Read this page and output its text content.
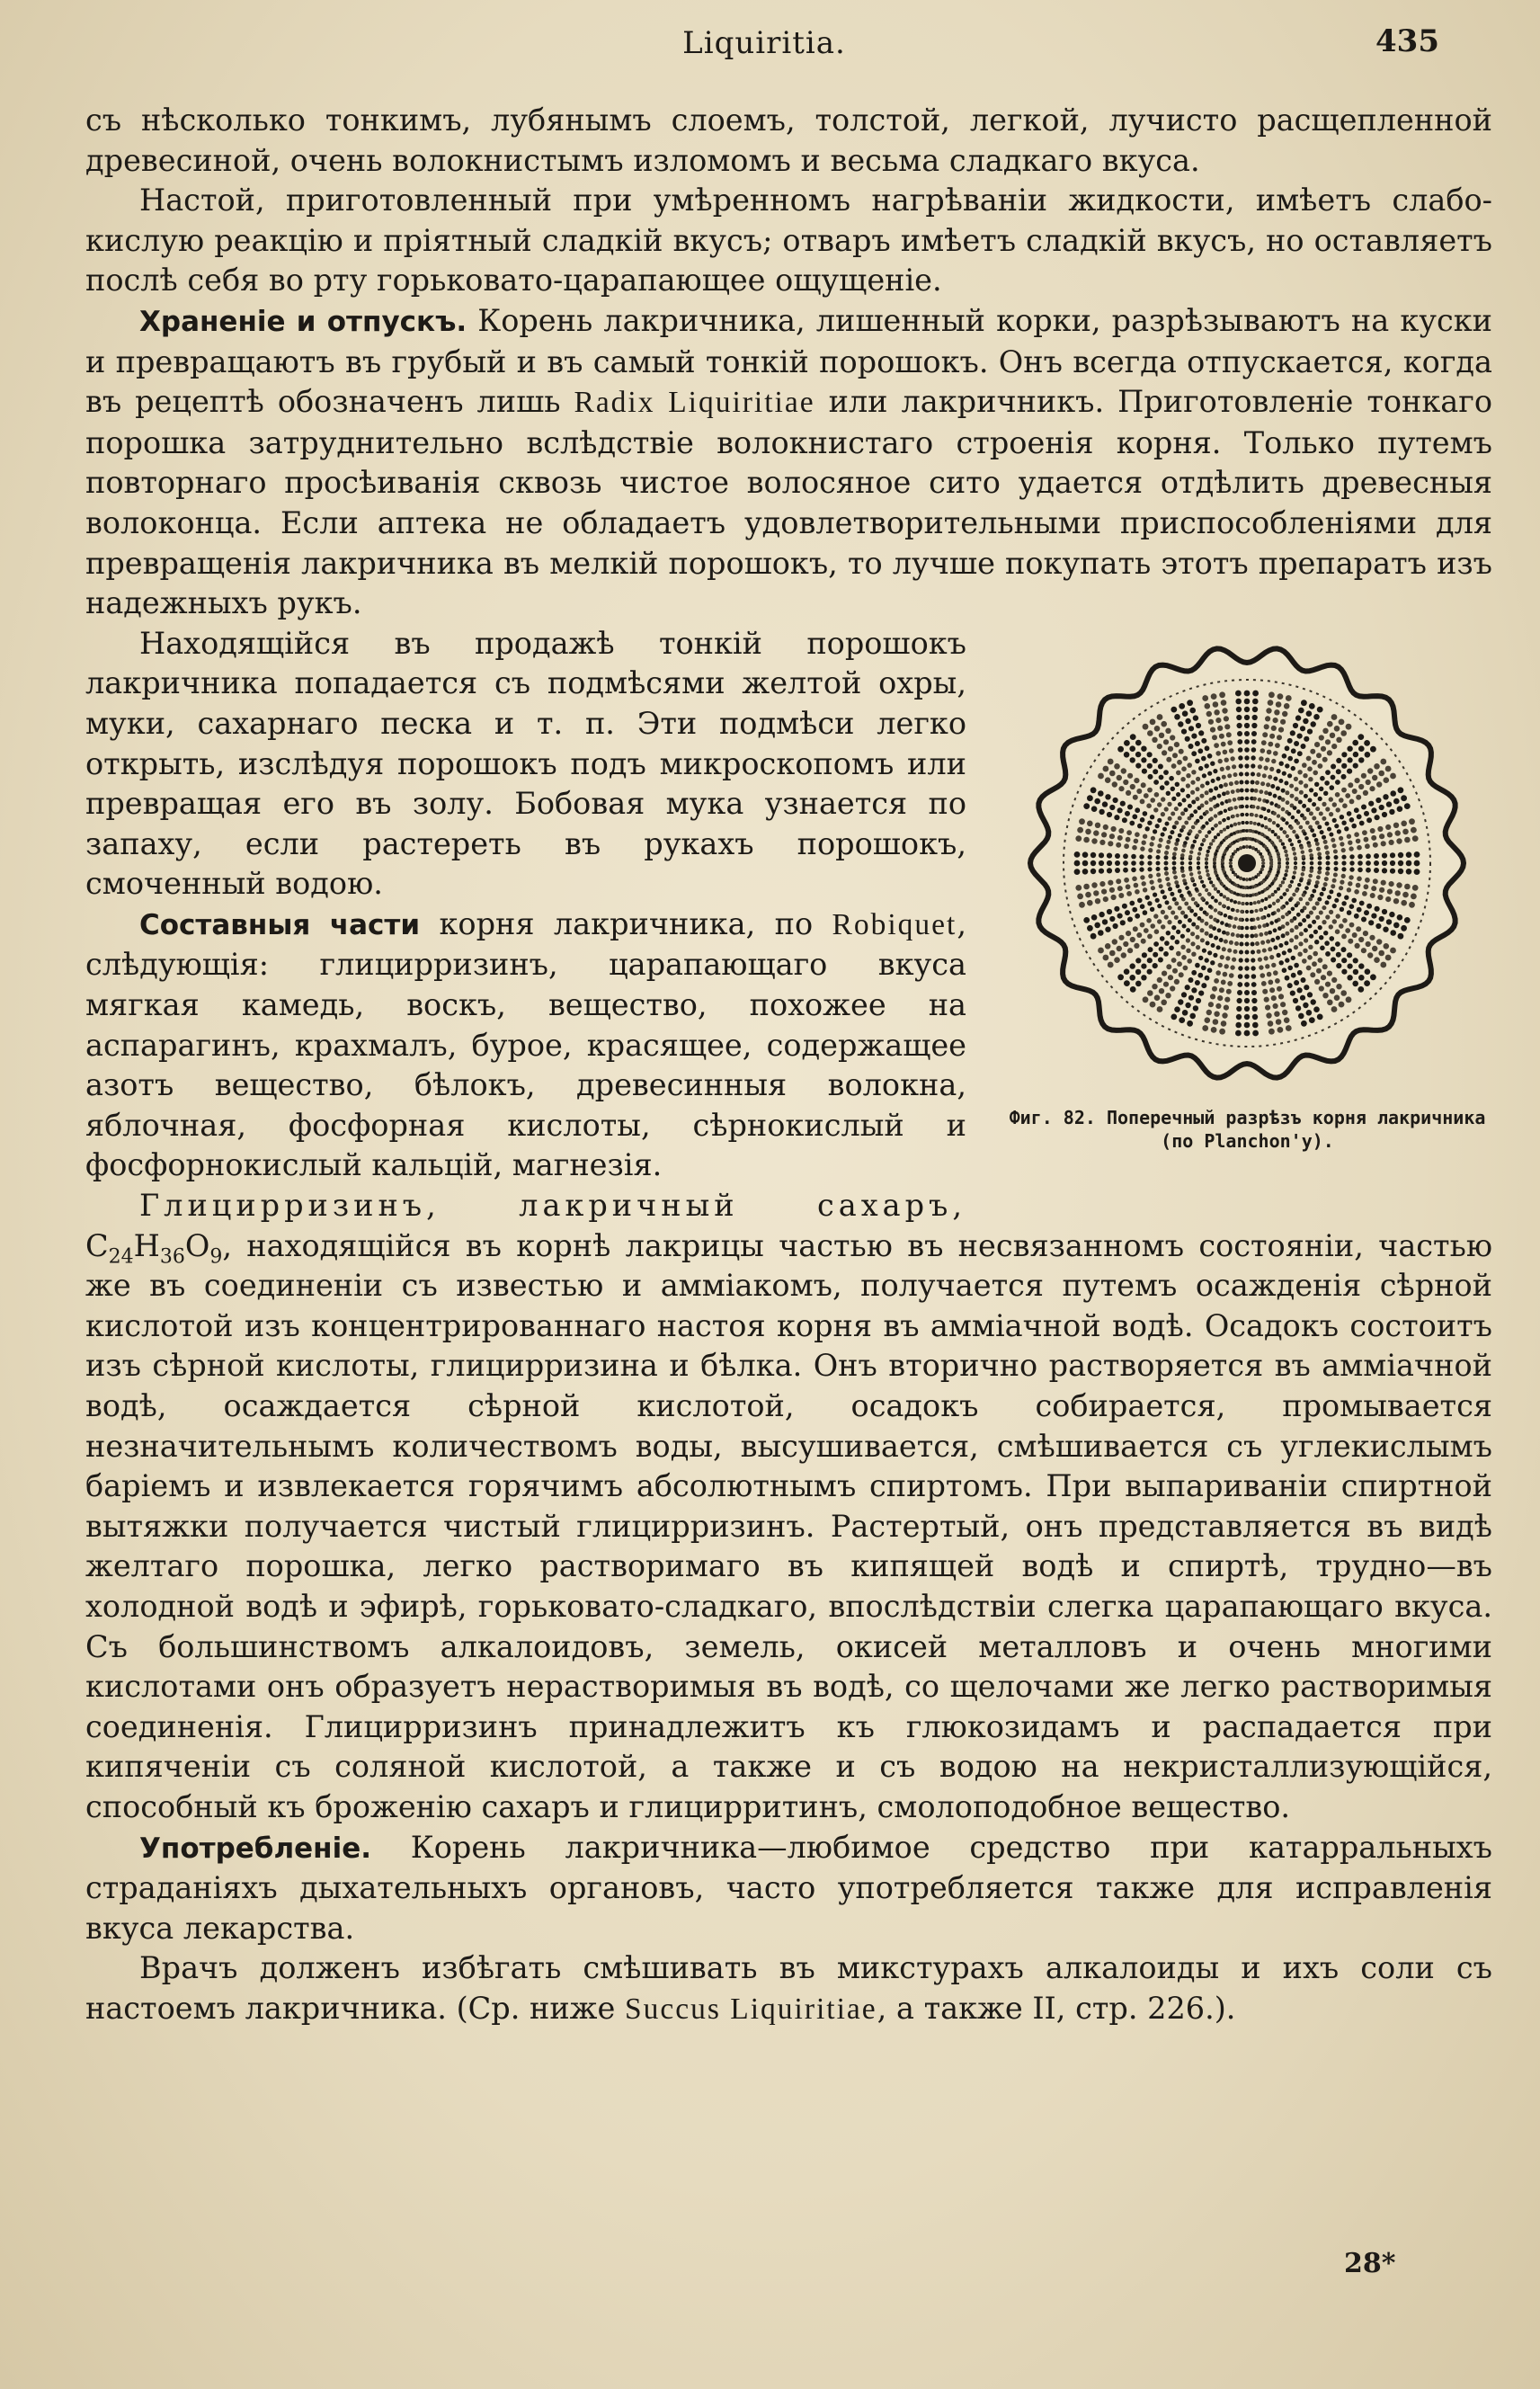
Liquiritia.	435

съ нѣсколько тонкимъ, лубянымъ слоемъ, толстой, легкой, лучисто расщепленной древесиной, очень волокнистымъ изломомъ и весьма сладкаго вкуса.

Настой, приготовленный при умѣренномъ нагрѣваніи жидкости, имѣетъ слабо-кислую реакцію и пріятный сладкій вкусъ; отваръ имѣетъ сладкій вкусъ, но оставляетъ послѣ себя во рту горьковато-царапающее ощущеніе.

Храненіе и отпускъ. Корень лакричника, лишенный корки, разрѣзываютъ на куски и превращаютъ въ грубый и въ самый тонкій порошокъ. Онъ всегда отпускается, когда въ рецептѣ обозначенъ лишь Radix Liquiritiae или лакричникъ. Приготовленіе тонкаго порошка затруднительно вслѣдствіе волокнистаго строенія корня. Только путемъ повторнаго просѣиванія сквозь чистое волосяное сито удается отдѣлить древесныя волоконца. Если аптека не обладаетъ удовлетворительными приспособленіями для превращенія лакричника въ мелкій порошокъ, то лучше покупать этотъ препаратъ изъ надежныхъ рукъ.

Фиг. 82. Поперечный разрѣзъ корня лакричника (по Planchon'у).

Находящійся въ продажѣ тонкій порошокъ лакричника попадается съ подмѣсями желтой охры, муки, сахарнаго песка и т. п. Эти подмѣси легко открыть, изслѣдуя порошокъ подъ микроскопомъ или превращая его въ золу. Бобовая мука узнается по запаху, если растереть въ рукахъ порошокъ, смоченный водою.

Составныя части корня лакричника, по Robiquet, слѣдующія: глицирризинъ, царапающаго вкуса мягкая камедь, воскъ, вещество, похожее на аспарагинъ, крахмалъ, бурое, красящее, содержащее азотъ вещество, бѣлокъ, древесинныя волокна, яблочная, фосфорная кислоты, сѣрнокислый и фосфорнокислый кальцій, магнезія.

Глицирризинъ, лакричный сахаръ, $C_{24}H_{36}O_9$, находящійся въ корнѣ лакрицы частью въ несвязанномъ состояніи, частью же въ соединеніи съ известью и амміакомъ, получается путемъ осажденія сѣрной кислотой изъ концентрированнаго настоя корня въ амміачной водѣ. Осадокъ состоитъ изъ сѣрной кислоты, глицирризина и бѣлка. Онъ вторично растворяется въ амміачной водѣ, осаждается сѣрной кислотой, осадокъ собирается, промывается незначительнымъ количествомъ воды, высушивается, смѣшивается съ углекислымъ баріемъ и извлекается горячимъ абсолютнымъ спиртомъ. При выпариваніи спиртной вытяжки получается чистый глицирризинъ. Растертый, онъ представляется въ видѣ желтаго порошка, легко растворимаго въ кипящей водѣ и спиртѣ, трудно—въ холодной водѣ и эфирѣ, горьковато-сладкаго, впослѣдствіи слегка царапающаго вкуса. Съ большинствомъ алкалоидовъ, земель, окисей металловъ и очень многими кислотами онъ образуетъ нерастворимыя въ водѣ, со щелочами же легко растворимыя соединенія. Глицирризинъ принадлежитъ къ глюкозидамъ и распадается при кипяченіи съ соляной кислотой, а также и съ водою на некристаллизующійся, способный къ броженію сахаръ и глицирритинъ, смолоподобное вещество.

Употребленіе. Корень лакричника—любимое средство при катарральныхъ страданіяхъ дыхательныхъ органовъ, часто употребляется также для исправленія вкуса лекарства.

Врачъ долженъ избѣгать смѣшивать въ микстурахъ алкалоиды и ихъ соли съ настоемъ лакричника. (Ср. ниже Succus Liquiritiae, а также II, стр. 226.).

28*
